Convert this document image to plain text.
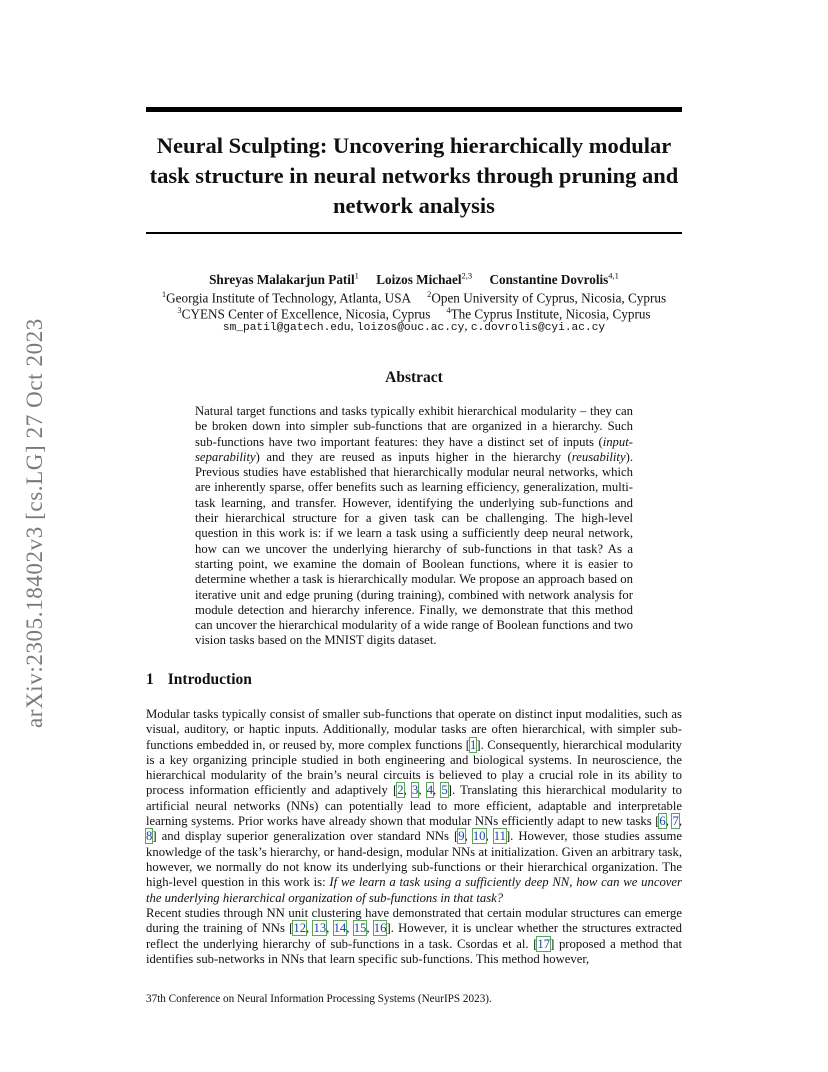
Neural Sculpting: Uncovering hierarchically modular task structure in neural networks through pruning and network analysis
arXiv:2305.18402v3 [cs.LG] 27 Oct 2023
Shreyas Malakarjun Patil$^1$ Loizos Michael$^{2,3}$ Constantine Dovrolis$^{4,1}$
$^1$Georgia Institute of Technology, Atlanta, USA $^2$Open University of Cyprus, Nicosia, Cyprus
$^3$CYENS Center of Excellence, Nicosia, Cyprus $^4$The Cyprus Institute, Nicosia, Cyprus
sm_patil@gatech.edu, loizos@ouc.ac.cy, c.dovrolis@cyi.ac.cy
Abstract

Natural target functions and tasks typically exhibit hierarchical modularity – they can be broken down into simpler sub-functions that are organized in a hierarchy. Such sub-functions have two important features: they have a distinct set of inputs (input-separability) and they are reused as inputs higher in the hierarchy (reusability). Previous studies have established that hierarchically modular neural networks, which are inherently sparse, offer benefits such as learning efficiency, generalization, multi-task learning, and transfer. However, identifying the underlying sub-functions and their hierarchical structure for a given task can be challenging. The high-level question in this work is: if we learn a task using a sufficiently deep neural network, how can we uncover the underlying hierarchy of sub-functions in that task? As a starting point, we examine the domain of Boolean functions, where it is easier to determine whether a task is hierarchically modular. We propose an approach based on iterative unit and edge pruning (during training), combined with network analysis for module detection and hierarchy inference. Finally, we demonstrate that this method can uncover the hierarchical modularity of a wide range of Boolean functions and two vision tasks based on the MNIST digits dataset.

1 Introduction

Modular tasks typically consist of smaller sub-functions that operate on distinct input modalities, such as visual, auditory, or haptic inputs. Additionally, modular tasks are often hierarchical, with simpler sub-functions embedded in, or reused by, more complex functions [1]. Consequently, hierarchical modularity is a key organizing principle studied in both engineering and biological systems. In neuroscience, the hierarchical modularity of the brain’s neural circuits is believed to play a crucial role in its ability to process information efficiently and adaptively [2, 3, 4, 5]. Translating this hierarchical modularity to artificial neural networks (NNs) can potentially lead to more efficient, adaptable and interpretable learning systems. Prior works have already shown that modular NNs efficiently adapt to new tasks [6, 7, 8] and display superior generalization over standard NNs [9, 10, 11]. However, those studies assume knowledge of the task’s hierarchy, or hand-design, modular NNs at initialization. Given an arbitrary task, however, we normally do not know its underlying sub-functions or their hierarchical organization. The high-level question in this work is: If we learn a task using a sufficiently deep NN, how can we uncover the underlying hierarchical organization of sub-functions in that task?

Recent studies through NN unit clustering have demonstrated that certain modular structures can emerge during the training of NNs [12, 13, 14, 15, 16]. However, it is unclear whether the structures extracted reflect the underlying hierarchy of sub-functions in a task. Csordas et al. [17] proposed a method that identifies sub-networks in NNs that learn specific sub-functions. This method however,

37th Conference on Neural Information Processing Systems (NeurIPS 2023).
